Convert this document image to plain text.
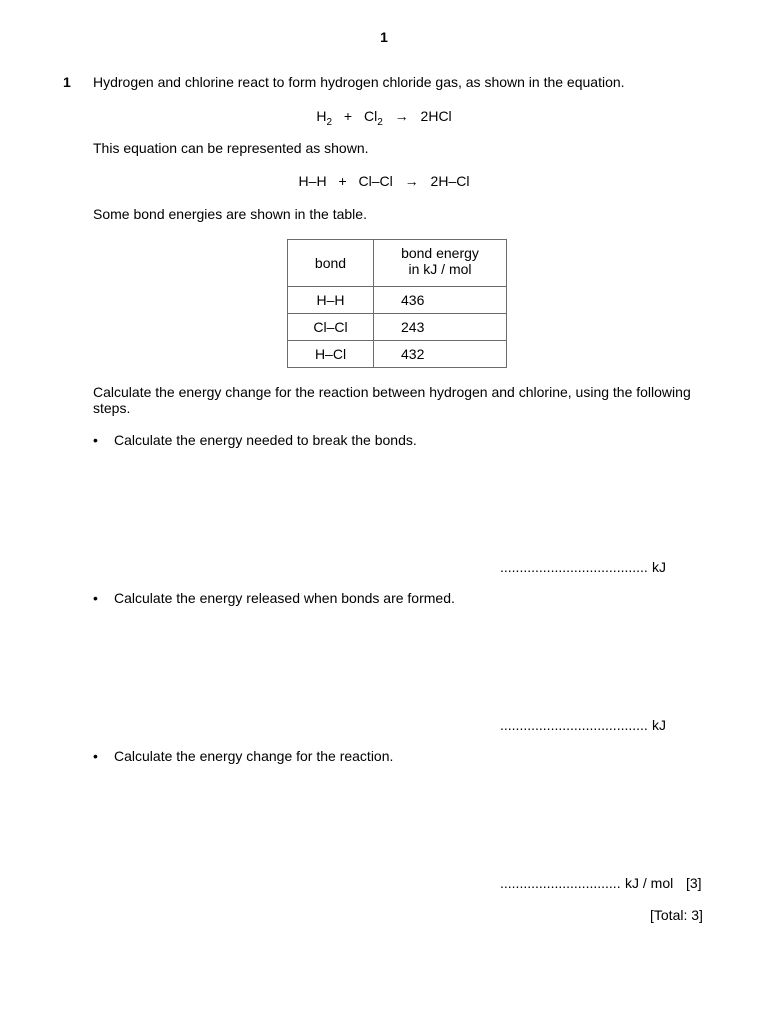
1
1 Hydrogen and chlorine react to form hydrogen chloride gas, as shown in the equation.
$H_2 + Cl_2 \to 2HCl$
This equation can be represented as shown.
H–H + Cl–Cl → 2H–Cl
Some bond energies are shown in the table.
bond	bond energy
in kJ / mol

H–H	436
Cl–Cl	243
H–Cl	432
Calculate the energy change for the reaction between hydrogen and chlorine, using the following steps.
• Calculate the energy needed to break the bonds.
...................................... kJ
• Calculate the energy released when bonds are formed.
...................................... kJ
• Calculate the energy change for the reaction.
............................... kJ / mol [3]
[Total: 3]
